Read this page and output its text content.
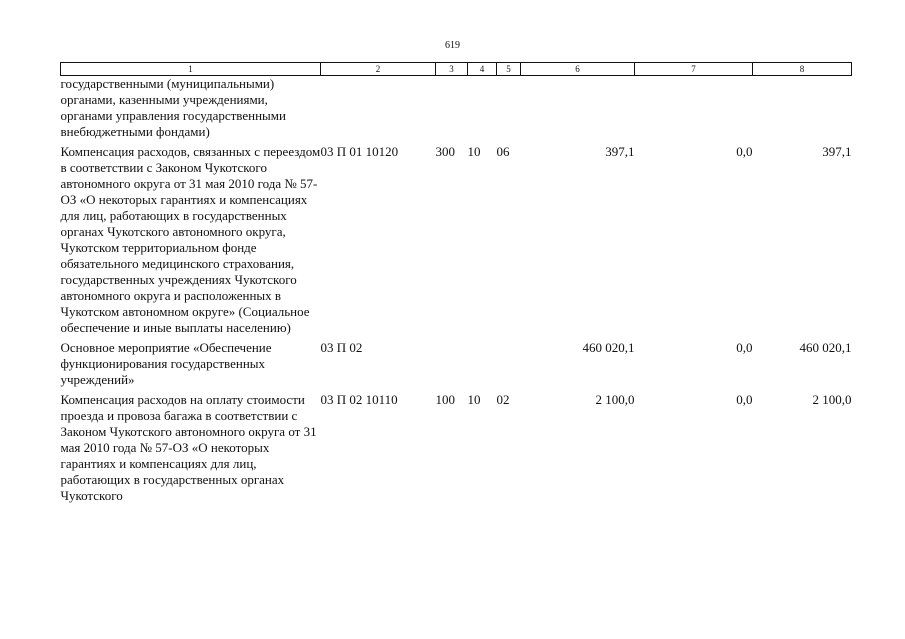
619
1	2	3	4	5	6	7	8
государственными (муниципальными) органами, казенными учреждениями, органами управления государственными внебюджетными фондами)							
Компенсация расходов, связанных с переездом в соответствии с Законом Чукотского автономного округа от 31 мая 2010 года № 57-ОЗ «О некоторых гарантиях и компенсациях для лиц, работающих в государственных органах Чукотского автономного округа, Чукотском территориальном фонде обязательного медицинского страхования, государственных учреждениях Чукотского автономного округа и расположенных в Чукотском автономном округе» (Социальное обеспечение и иные выплаты населению)	03 П 01 10120	300	10	06	397,1	0,0	397,1
Основное мероприятие «Обеспечение функционирования государственных учреждений»	03 П 02				460 020,1	0,0	460 020,1
Компенсация расходов на оплату стоимости проезда и провоза багажа в соответствии с Законом Чукотского автономного округа от 31 мая 2010 года № 57-ОЗ «О некоторых гарантиях и компенсациях для лиц, работающих в государственных органах Чукотского	03 П 02 10110	100	10	02	2 100,0	0,0	2 100,0
